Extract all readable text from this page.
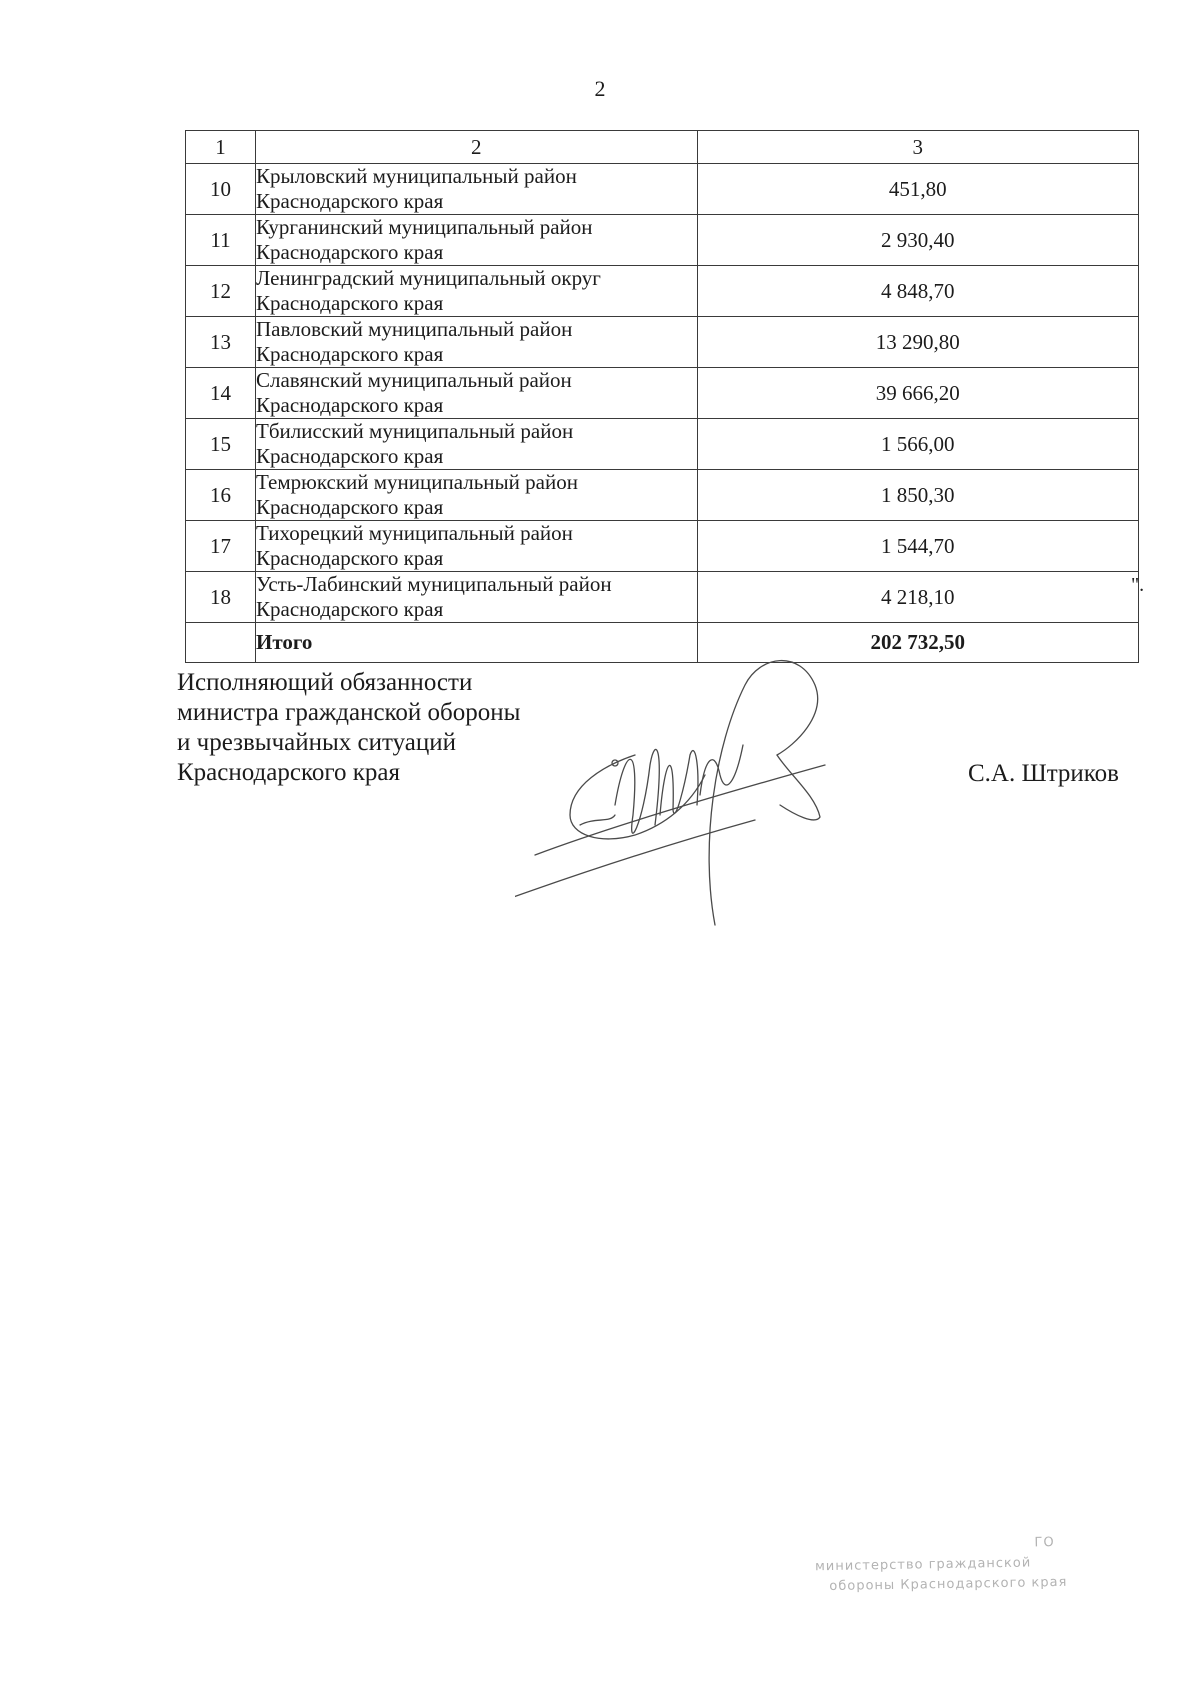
2
1	2	3
10	Крыловский муниципальный район Краснодарского края	451,80
11	Курганинский муниципальный район Краснодарского края	2 930,40
12	Ленинградский муниципальный округ Краснодарского края	4 848,70
13	Павловский муниципальный район Краснодарского края	13 290,80
14	Славянский муниципальный район Краснодарского края	39 666,20
15	Тбилисский муниципальный район Краснодарского края	1 566,00
16	Темрюкский муниципальный район Краснодарского края	1 850,30
17	Тихорецкий муниципальный район Краснодарского края	1 544,70
18	Усть-Лабинский муниципальный район Краснодарского края	4 218,10
	Итого	202 732,50
".
Исполняющий обязанности
министра гражданской обороны
и чрезвычайных ситуаций
Краснодарского края	С.А. Штриков
ГО
министерство гражданской
обороны Краснодарского края
